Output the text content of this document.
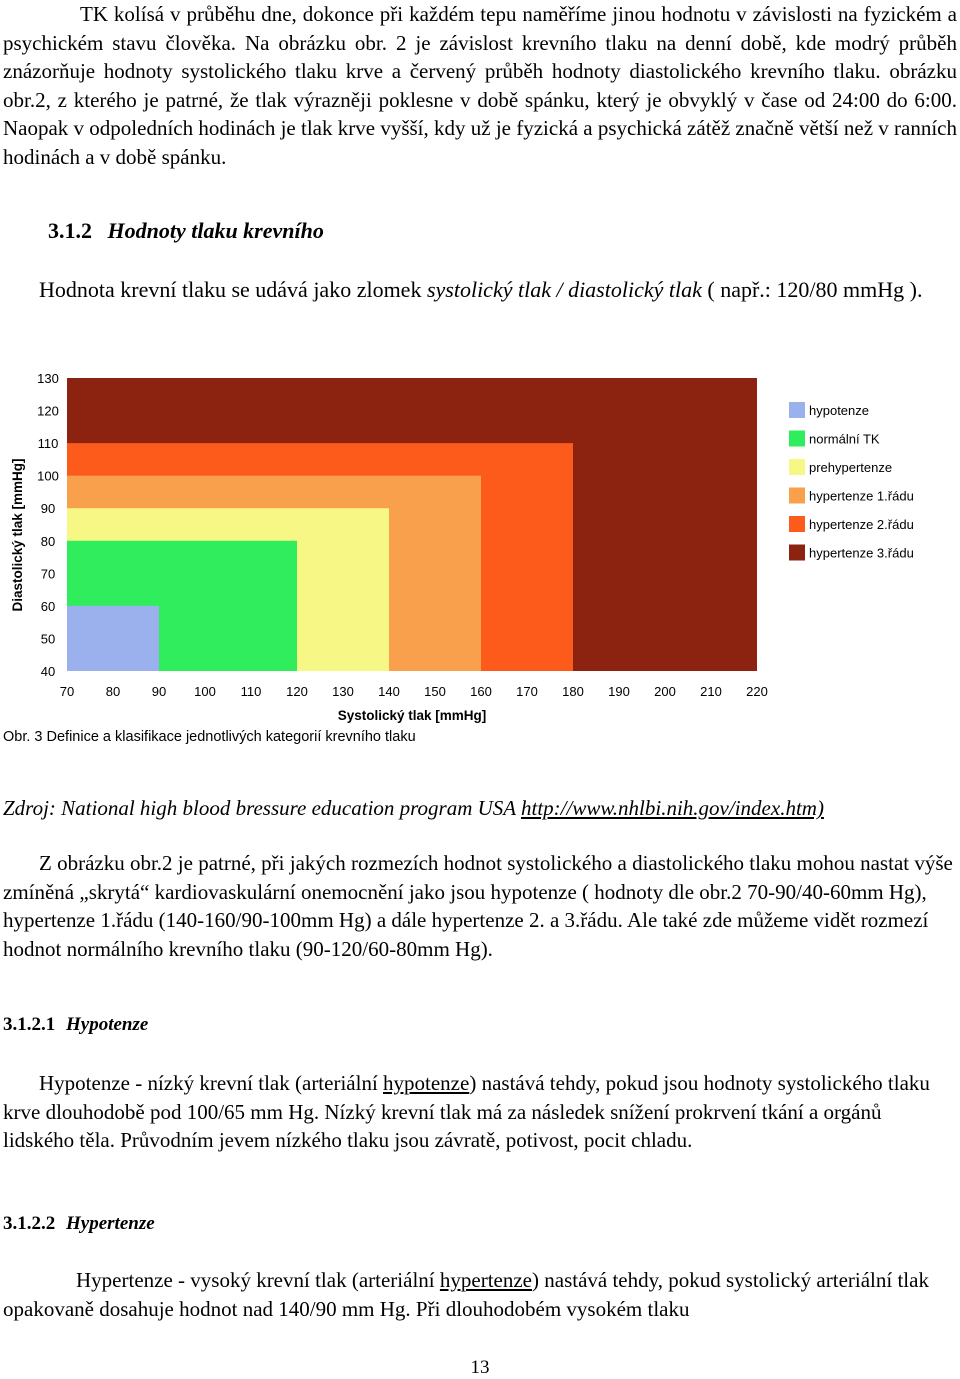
TK kolísá v průběhu dne, dokonce při každém tepu naměříme jinou hodnotu v závislosti na fyzickém a psychickém stavu člověka. Na obrázku obr. 2 je závislost krevního tlaku na denní době, kde modrý průběh znázorňuje hodnoty systolického tlaku krve a červený průběh hodnoty diastolického krevního tlaku. obrázku obr.2, z kterého je patrné, že tlak výrazněji poklesne v době spánku, který je obvyklý v čase od 24:00 do 6:00. Naopak v odpoledních hodinách je tlak krve vyšší, kdy už je fyzická a psychická zátěž značně větší než v ranních hodinách a v době spánku.

3.1.2 Hodnoty tlaku krevního

Hodnota krevní tlaku se udává jako zlomek systolický tlak / diastolický tlak ( např.: 120/80 mmHg ).

40
50
60
70
80
90
100
110
120
130
70 80 90 100 110 120 130 140 150 160 170 180 190 200 210 220
Systolický tlak [mmHg]
Diastolický tlak [mmHg]
hypotenze
normální TK
prehypertenze
hypertenze 1.řádu
hypertenze 2.řádu
hypertenze 3.řádu
Obr. 3 Definice a klasifikace jednotlivých kategorií krevního tlaku

Zdroj: National high blood bressure education program USA http://www.nhlbi.nih.gov/index.htm)

Z obrázku obr.2 je patrné, při jakých rozmezích hodnot systolického a diastolického tlaku mohou nastat výše zmíněná „skrytá“ kardiovaskulární onemocnění jako jsou hypotenze ( hodnoty dle obr.2 70-90/40-60mm Hg), hypertenze 1.řádu (140-160/90-100mm Hg) a dále hypertenze 2. a 3.řádu. Ale také zde můžeme vidět rozmezí hodnot normálního krevního tlaku (90-120/60-80mm Hg).

3.1.2.1 Hypotenze

Hypotenze - nízký krevní tlak (arteriální hypotenze) nastává tehdy, pokud jsou hodnoty systolického tlaku krve dlouhodobě pod 100/65 mm Hg. Nízký krevní tlak má za následek snížení prokrvení tkání a orgánů lidského těla. Průvodním jevem nízkého tlaku jsou závratě, potivost, pocit chladu.

3.1.2.2 Hypertenze

Hypertenze - vysoký krevní tlak (arteriální hypertenze) nastává tehdy, pokud systolický arteriální tlak opakovaně dosahuje hodnot nad 140/90 mm Hg. Při dlouhodobém vysokém tlaku

13
